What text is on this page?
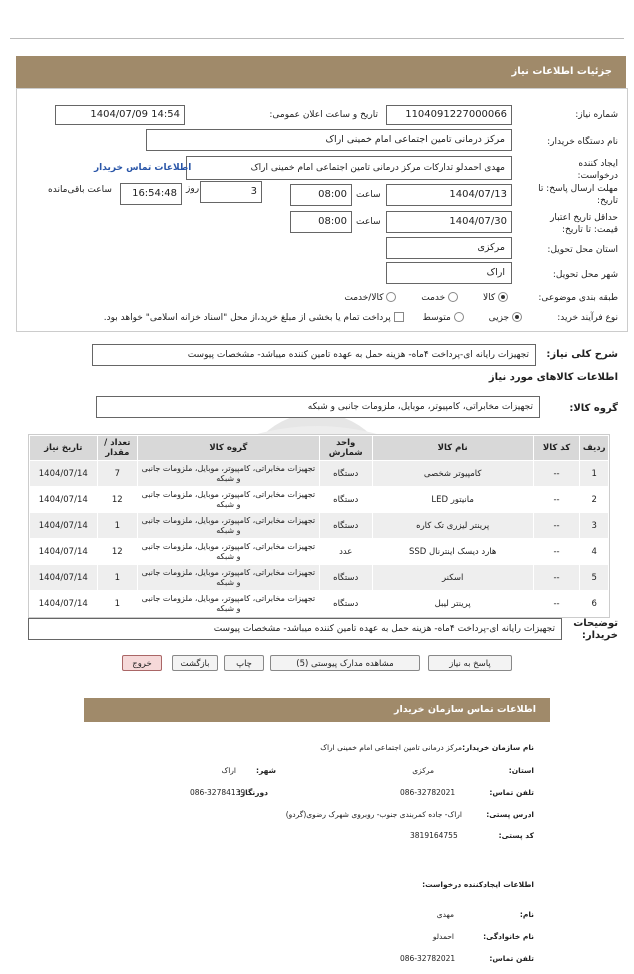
جزئیات اطلاعات نیاز
شماره نیاز:
1104091227000066
تاریخ و ساعت اعلان عمومی:
1404/07/09 14:54
نام دستگاه خریدار:
مرکز درمانی تامین اجتماعی امام خمینی اراک
ایجاد کننده درخواست:
مهدی احمدلو تدارکات مرکز درمانی تامین اجتماعی امام خمینی اراک
اطلاعات تماس خریدار
مهلت ارسال پاسخ: تا تاریخ:
1404/07/13
ساعت
08:00
3
روز
16:54:48
ساعت باقی‌مانده
حداقل تاریخ اعتبار قیمت: تا تاریخ:
1404/07/30
ساعت
08:00
استان محل تحویل:
مرکزی
شهر محل تحویل:
اراک
طبقه بندی موضوعی:
کالا  خدمت  کالا/خدمت
نوع فرآیند خرید:
جزیی  متوسط  پرداخت تمام یا بخشی از مبلغ خرید،از محل "اسناد خزانه اسلامی" خواهد بود.
شرح کلی نیاز:
تجهیزات رایانه ای-پرداخت ۴ماه- هزینه حمل به عهده تامین کننده میباشد- مشخصات پیوست
اطلاعات کالاهای مورد نیاز
گروه کالا:
تجهیزات مخابراتی، کامپیوتر، موبایل، ملزومات جانبی و شبکه
ردیف	کد کالا	نام کالا	واحد شمارش	گروه کالا	تعداد / مقدار	تاریخ نیاز
1	--	کامپیوتر شخصی	دستگاه	تجهیزات مخابراتی، کامپیوتر، موبایل، ملزومات جانبی و شبکه	7	1404/07/14
2	--	مانیتور LED	دستگاه	تجهیزات مخابراتی، کامپیوتر، موبایل، ملزومات جانبی و شبکه	12	1404/07/14
3	--	پرینتر لیزری تک کاره	دستگاه	تجهیزات مخابراتی، کامپیوتر، موبایل، ملزومات جانبی و شبکه	1	1404/07/14
4	--	هارد دیسک اینترنال SSD	عدد	تجهیزات مخابراتی، کامپیوتر، موبایل، ملزومات جانبی و شبکه	12	1404/07/14
5	--	اسکنر	دستگاه	تجهیزات مخابراتی، کامپیوتر، موبایل، ملزومات جانبی و شبکه	1	1404/07/14
6	--	پرینتر لیبل	دستگاه	تجهیزات مخابراتی، کامپیوتر، موبایل، ملزومات جانبی و شبکه	1	1404/07/14
توضیحات خریدار:
تجهیزات رایانه ای-پرداخت ۴ماه- هزینه حمل به عهده تامین کننده میباشد- مشخصات پیوست
پاسخ به نیاز
مشاهده مدارک پیوستی (5)
چاپ
بازگشت
خروج
اطلاعات تماس سازمان خریدار
نام سازمان خریدار:
مرکز درمانی تامین اجتماعی امام خمینی اراک
استان:
مرکزی
شهر:
اراک
تلفن تماس:
086-32782021
دورنگار:
086-32784139
ادرس پستی:
اراک- جاده کمربندی جنوب- روبروی شهرک رضوی(گردو)
کد پستی:
3819164755
اطلاعات ایجادکننده درخواست:
نام:
مهدی
نام خانوادگی:
احمدلو
تلفن تماس:
086-32782021
